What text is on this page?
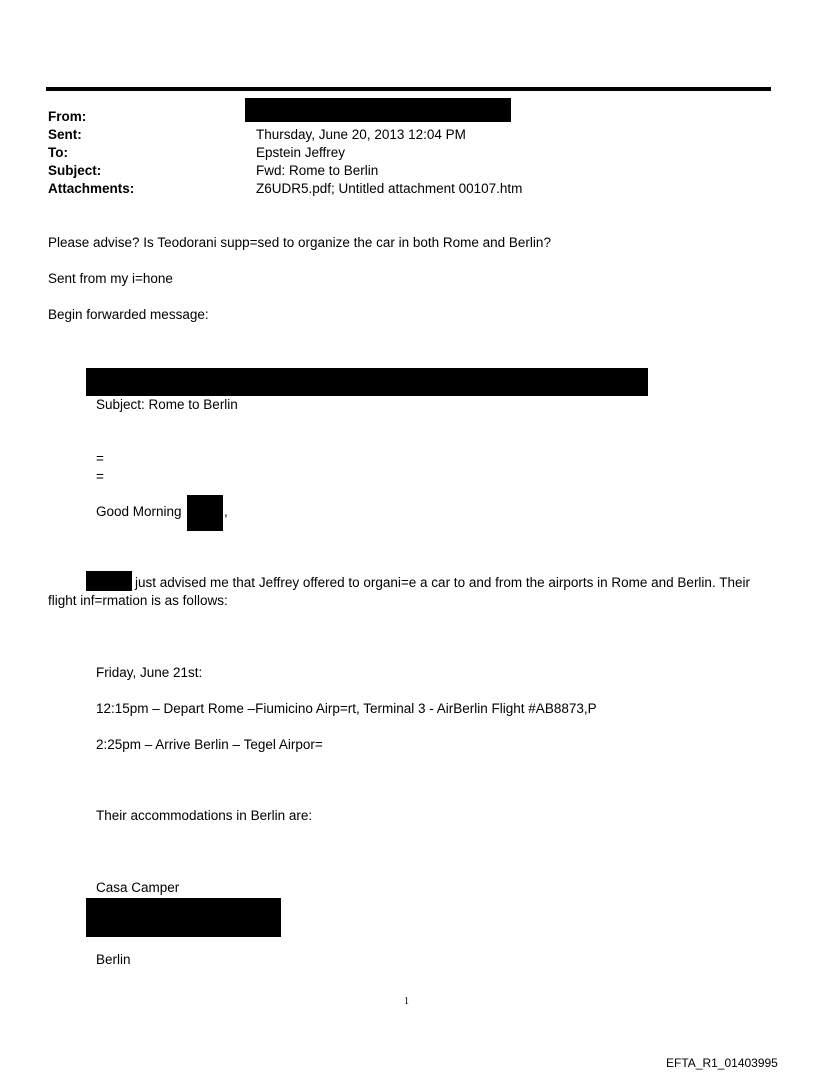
From:
Sent:
To:
Subject:
Attachments:
Thursday, June 20, 2013 12:04 PM
Epstein Jeffrey
Fwd: Rome to Berlin
Z6UDR5.pdf; Untitled attachment 00107.htm
Please advise? Is Teodorani supp=sed to organize the car in both Rome and Berlin?
Sent from my i=hone
Begin forwarded message:
Subject: Rome to Berlin
=
=
Good Morning	,
just advised me that Jeffrey offered to organi=e a car to and from the airports in Rome and Berlin. Their
flight inf=rmation is as follows:
Friday, June 21st:
12:15pm – Depart Rome –Fiumicino Airp=rt, Terminal 3 - AirBerlin Flight #AB8873,P
2:25pm – Arrive Berlin – Tegel Airpor=
Their accommodations in Berlin are:
Casa Camper
Berlin
1
EFTA_R1_01403995
